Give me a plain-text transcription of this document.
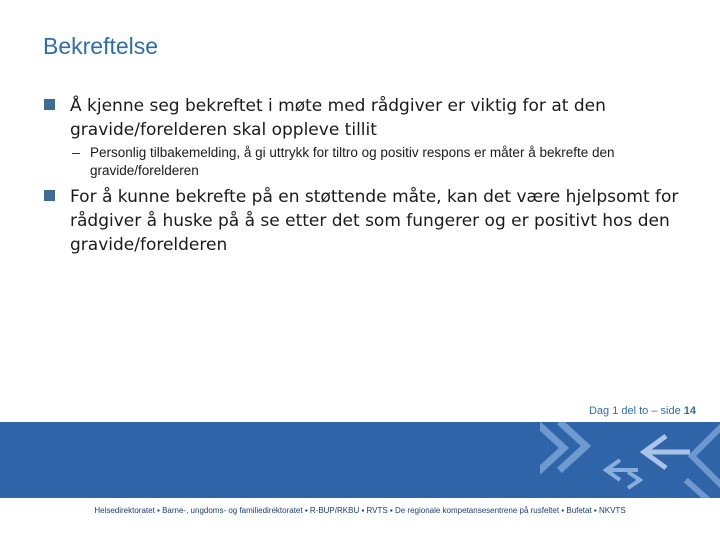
Bekreftelse
Å kjenne seg bekreftet i møte med rådgiver er viktig for at den gravide/forelderen skal oppleve tillit
– Personlig tilbakemelding, å gi uttrykk for tiltro og positiv respons er måter å bekrefte den gravide/forelderen
For å kunne bekrefte på en støttende måte, kan det være hjelpsomt for rådgiver å huske på å se etter det som fungerer og er positivt hos den gravide/forelderen
Dag 1 del to – side 14
Helsedirektoratet ▪ Barne-, ungdoms- og familiedirektoratet ▪ R-BUP/RKBU ▪ RVTS ▪ De regionale kompetansesentrene på rusfeltet ▪ Bufetat ▪ NKVTS
